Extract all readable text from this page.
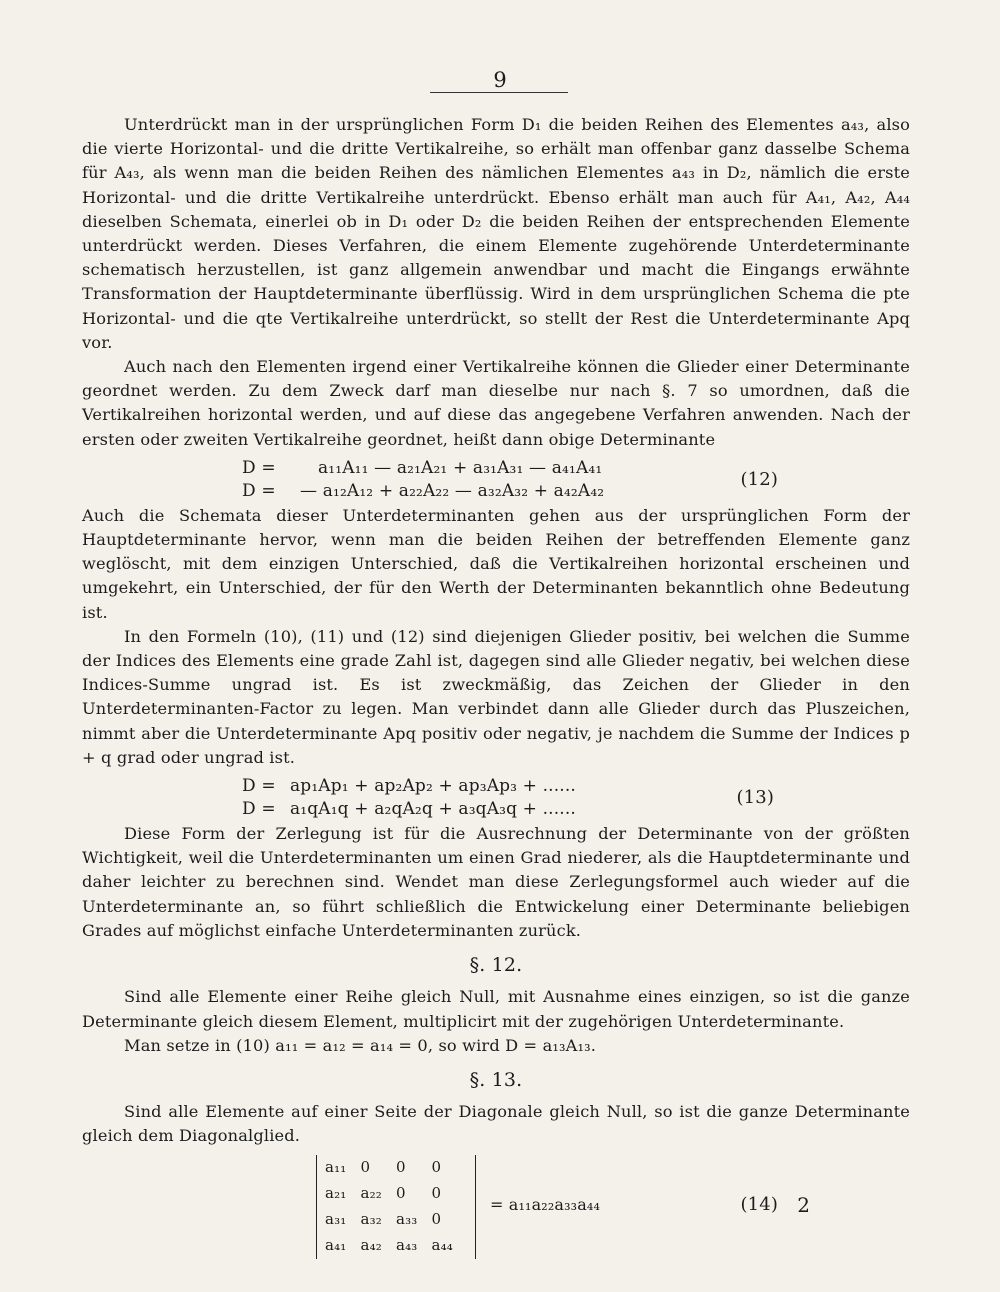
9

Unterdrückt man in der ursprünglichen Form D₁ die beiden Reihen des Elementes a₄₃, also die vierte Horizontal- und die dritte Vertikalreihe, so erhält man offenbar ganz dasselbe Schema für A₄₃, als wenn man die beiden Reihen des nämlichen Elementes a₄₃ in D₂, nämlich die erste Horizontal- und die dritte Vertikalreihe unterdrückt. Ebenso erhält man auch für A₄₁, A₄₂, A₄₄ dieselben Schemata, einerlei ob in D₁ oder D₂ die beiden Reihen der entsprechenden Elemente unterdrückt werden. Dieses Verfahren, die einem Elemente zugehörende Unterdeterminante schematisch herzustellen, ist ganz allgemein anwendbar und macht die Eingangs erwähnte Transformation der Hauptdeterminante überflüssig. Wird in dem ursprünglichen Schema die pte Horizontal- und die qte Vertikalreihe unterdrückt, so stellt der Rest die Unterdeterminante Apq vor.

Auch nach den Elementen irgend einer Vertikalreihe können die Glieder einer Determinante geordnet werden. Zu dem Zweck darf man dieselbe nur nach §. 7 so umordnen, daß die Vertikalreihen horizontal werden, und auf diese das angegebene Verfahren anwenden. Nach der ersten oder zweiten Vertikalreihe geordnet, heißt dann obige Determinante

D =	a₁₁A₁₁ — a₂₁A₂₁ + a₃₁A₃₁ — a₄₁A₄₁
D =	— a₁₂A₁₂ + a₂₂A₂₂ — a₃₂A₃₂ + a₄₂A₄₂
(12)

Auch die Schemata dieser Unterdeterminanten gehen aus der ursprünglichen Form der Hauptdeterminante hervor, wenn man die beiden Reihen der betreffenden Elemente ganz weglöscht, mit dem einzigen Unterschied, daß die Vertikalreihen horizontal erscheinen und umgekehrt, ein Unterschied, der für den Werth der Determinanten bekanntlich ohne Bedeutung ist.

In den Formeln (10), (11) und (12) sind diejenigen Glieder positiv, bei welchen die Summe der Indices des Elements eine grade Zahl ist, dagegen sind alle Glieder negativ, bei welchen diese Indices-Summe ungrad ist. Es ist zweckmäßig, das Zeichen der Glieder in den Unterdeterminanten-Factor zu legen. Man verbindet dann alle Glieder durch das Pluszeichen, nimmt aber die Unterdeterminante Apq positiv oder negativ, je nachdem die Summe der Indices p + q grad oder ungrad ist.

D = ap₁Ap₁ + ap₂Ap₂ + ap₃Ap₃ + ......
D = a₁qA₁q + a₂qA₂q + a₃qA₃q + ......
(13)

Diese Form der Zerlegung ist für die Ausrechnung der Determinante von der größten Wichtigkeit, weil die Unterdeterminanten um einen Grad niederer, als die Hauptdeterminante und daher leichter zu berechnen sind. Wendet man diese Zerlegungsformel auch wieder auf die Unterdeterminante an, so führt schließlich die Entwickelung einer Determinante beliebigen Grades auf möglichst einfache Unterdeterminanten zurück.

§. 12.

Sind alle Elemente einer Reihe gleich Null, mit Ausnahme eines einzigen, so ist die ganze Determinante gleich diesem Element, multiplicirt mit der zugehörigen Unterdeterminante.

Man setze in (10) a₁₁ = a₁₂ = a₁₄ = 0, so wird D = a₁₃A₁₃.

§. 13.

Sind alle Elemente auf einer Seite der Diagonale gleich Null, so ist die ganze Determinante gleich dem Diagonalglied.

a₁₁	0	0	0
a₂₁	a₂₂	0	0
a₃₁	a₃₂	a₃₃	0
a₄₁	a₄₂	a₄₃	a₄₄
= a₁₁a₂₂a₃₃a₄₄	(14) 2
